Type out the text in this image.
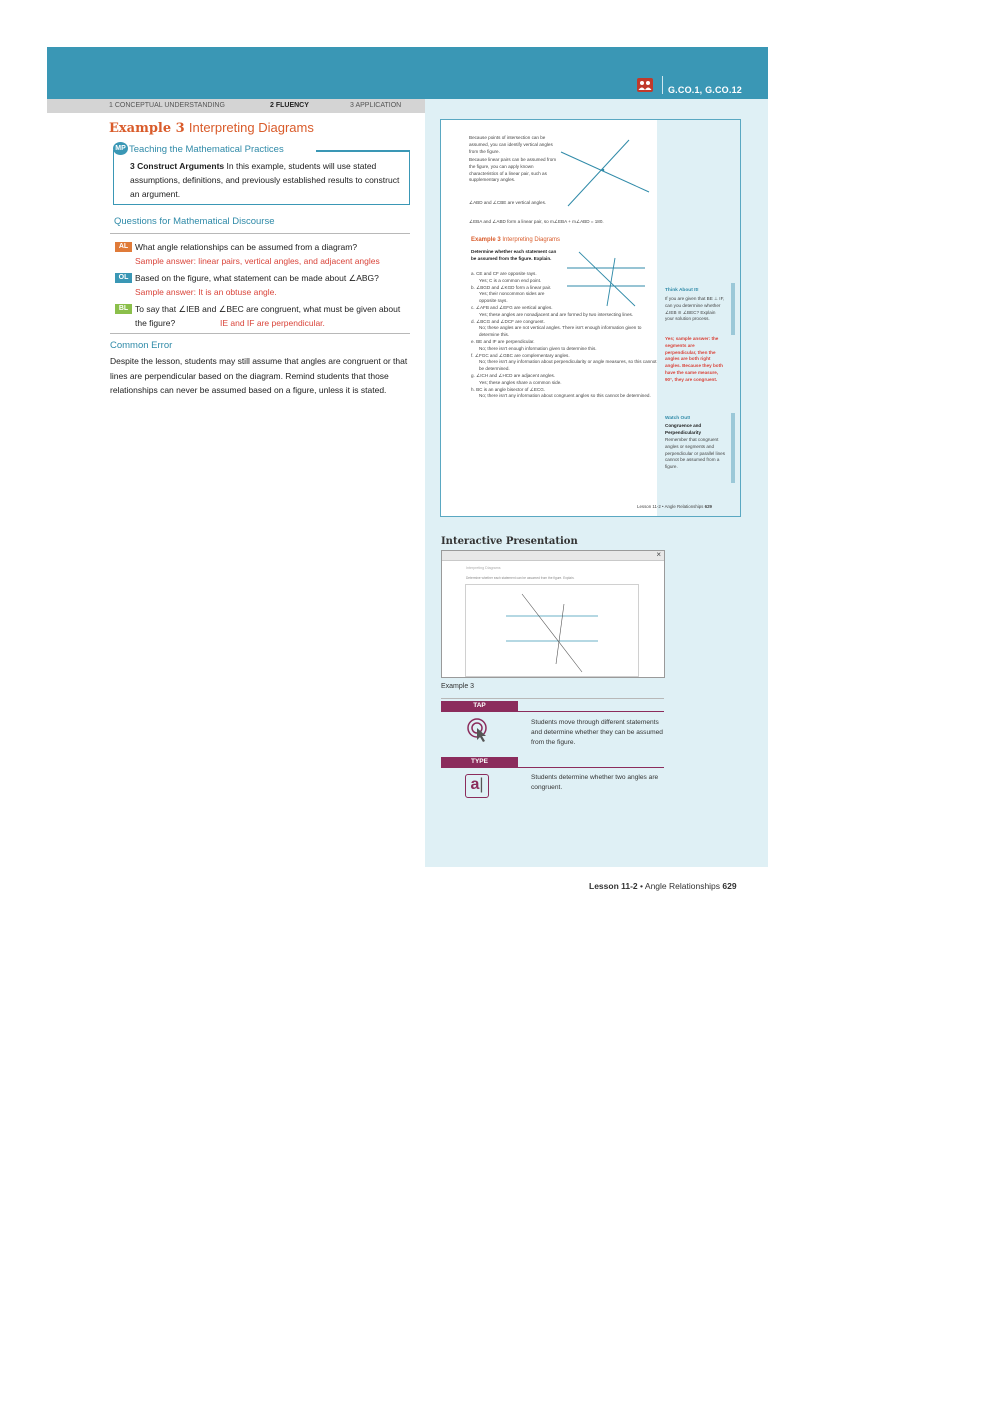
G.CO.1, G.CO.12
1 CONCEPTUAL UNDERSTANDING	2 FLUENCY	3 APPLICATION
Example 3 Interpreting Diagrams
MP Teaching the Mathematical Practices
3 Construct Arguments In this example, students will use stated assumptions, definitions, and previously established results to construct an argument.
Questions for Mathematical Discourse
AL What angle relationships can be assumed from a diagram?
Sample answer: linear pairs, vertical angles, and adjacent angles
OL Based on the figure, what statement can be made about ∠ABG?
Sample answer: It is an obtuse angle.
BL To say that ∠IEB and ∠BEC are congruent, what must be given about the figure?	IE and IF are perpendicular.
Common Error
Despite the lesson, students may still assume that angles are congruent or that lines are perpendicular based on the diagram. Remind students that those relationships can never be assumed based on a figure, unless it is stated.
Because points of intersection can be assumed, you can identify vertical angles from the figure.
Because linear pairs can be assumed from the figure, you can apply known characteristics of a linear pair, such as supplementary angles.
∠ABD and ∠CBE are vertical angles.
∠EBA and ∠ABD form a linear pair, so m∠EBA + m∠ABD = 180.
Example 3 Interpreting Diagrams
Determine whether each statement can be assumed from the figure. Explain.
a. CE and CF are opposite rays.
Yes; C is a common end point.
b. ∠BGD and ∠KGD form a linear pair.
Yes; their noncommon sides are opposite rays.
c. ∠AFB and ∠EFG are vertical angles.
Yes; these angles are nonadjacent and are formed by two intersecting lines.
d. ∠BCG and ∠DCF are congruent.
No; these angles are not vertical angles. There isn't enough information given to determine this.
e. BE and IF are perpendicular.
No; there isn't enough information given to determine this.
f. ∠FGC and ∠GBC are complementary angles.
No; there isn't any information about perpendicularity or angle measures, so this cannot be determined.
g. ∠ICH and ∠HCD are adjacent angles.
Yes; these angles share a common side.
h. BC is an angle bisector of ∠ECG.
No; there isn't any information about congruent angles so this cannot be determined.
Think About It!
If you are given that BE ⊥ IF, can you determine whether ∠IEB ≅ ∠BEC? Explain your solution process.
Yes; sample answer: the segments are perpendicular, then the angles are both right angles. Because they both have the same measure, 90°, they are congruent.
Watch Out!
Congruence and Perpendicularity
Remember that congruent angles or segments and perpendicular or parallel lines cannot be assumed from a figure.
Lesson 11-2 • Angle Relationships 629
Interactive Presentation
×
Interpreting Diagrams
Determine whether each statement can be assumed from the figure. Explain.
Example 3
TAP
Students move through different statements and determine whether they can be assumed from the figure.
TYPE
a|	Students determine whether two angles are congruent.
Lesson 11-2 • Angle Relationships 629
